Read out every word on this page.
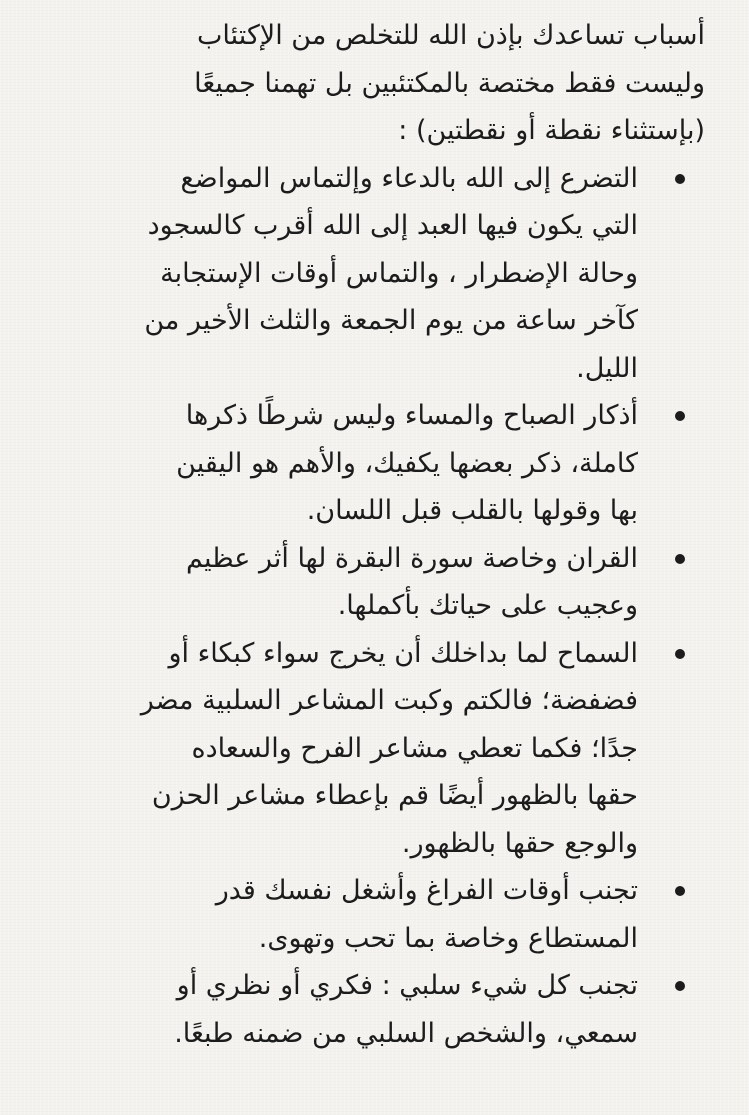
أسباب تساعدك بإذن الله للتخلص من الإكتئاب
وليست فقط مختصة بالمكتئبين بل تهمنا جميعًا
(بإستثناء نقطة أو نقطتين) :

التضرع إلى الله بالدعاء وإلتماس المواضع
التي يكون فيها العبد إلى الله أقرب كالسجود
وحالة الإضطرار ، والتماس أوقات الإستجابة
كآخر ساعة من يوم الجمعة والثلث الأخير من
الليل.
أذكار الصباح والمساء وليس شرطًا ذكرها
كاملة، ذكر بعضها يكفيك، والأهم هو اليقين
بها وقولها بالقلب قبل اللسان.
القران وخاصة سورة البقرة لها أثر عظيم
وعجيب على حياتك بأكملها.
السماح لما بداخلك أن يخرج سواء كبكاء أو
فضفضة؛ فالكتم وكبت المشاعر السلبية مضر
جدًا؛ فكما تعطي مشاعر الفرح والسعاده
حقها بالظهور أيضًا قم بإعطاء مشاعر الحزن
والوجع حقها بالظهور.
تجنب أوقات الفراغ وأشغل نفسك قدر
المستطاع وخاصة بما تحب وتهوى.
تجنب كل شيء سلبي : فكري أو نظري أو
سمعي، والشخص السلبي من ضمنه طبعًا.
